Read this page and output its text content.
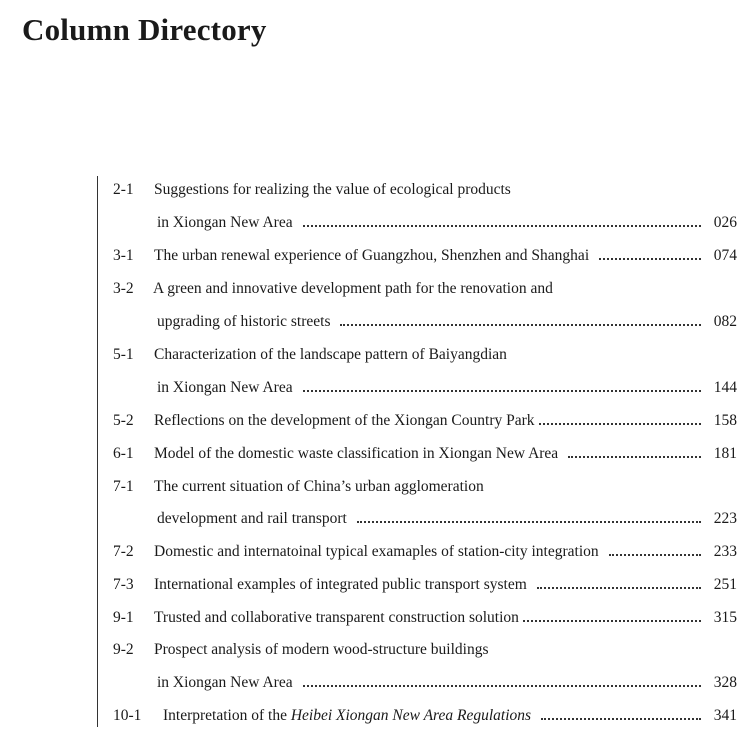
Column Directory
2-1 Suggestions for realizing the value of ecological products
in Xiongan New Area	026
3-1 The urban renewal experience of Guangzhou, Shenzhen and Shanghai	074
3-2 A green and innovative development path for the renovation and
upgrading of historic streets	082
5-1 Characterization of the landscape pattern of Baiyangdian
in Xiongan New Area	144
5-2 Reflections on the development of the Xiongan Country Park	158
6-1 Model of the domestic waste classification in Xiongan New Area	181
7-1 The current situation of China’s urban agglomeration
development and rail transport	223
7-2 Domestic and internatoinal typical examaples of station-city integration	233
7-3 International examples of integrated public transport system	251
9-1 Trusted and collaborative transparent construction solution	315
9-2 Prospect analysis of modern wood-structure buildings
in Xiongan New Area	328
10-1 Interpretation of the Heibei Xiongan New Area Regulations	341
